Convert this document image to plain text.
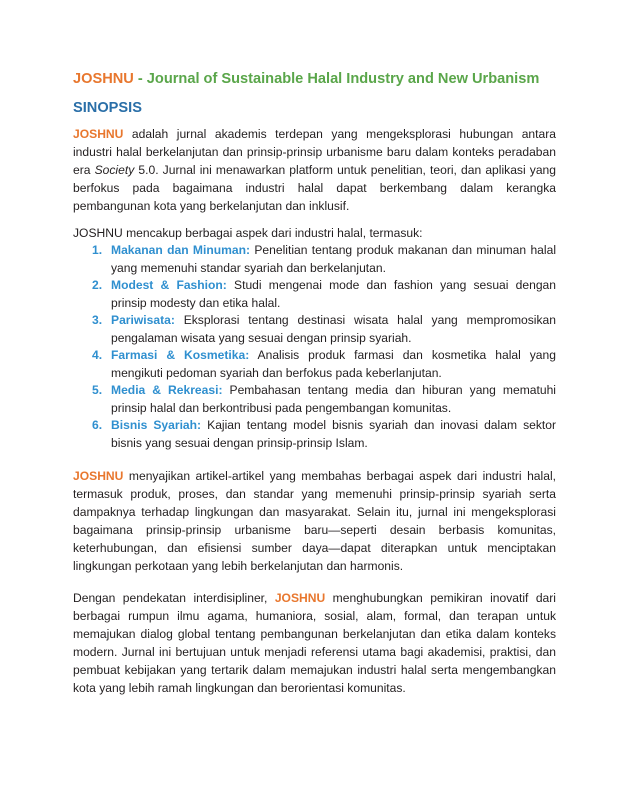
JOSHNU - Journal of Sustainable Halal Industry and New Urbanism
SINOPSIS

JOSHNU adalah jurnal akademis terdepan yang mengeksplorasi hubungan antara industri halal berkelanjutan dan prinsip-prinsip urbanisme baru dalam konteks peradaban era Society 5.0. Jurnal ini menawarkan platform untuk penelitian, teori, dan aplikasi yang berfokus pada bagaimana industri halal dapat berkembang dalam kerangka pembangunan kota yang berkelanjutan dan inklusif.

JOSHNU mencakup berbagai aspek dari industri halal, termasuk:

1. Makanan dan Minuman: Penelitian tentang produk makanan dan minuman halal yang memenuhi standar syariah dan berkelanjutan.
2. Modest & Fashion: Studi mengenai mode dan fashion yang sesuai dengan prinsip modesty dan etika halal.
3. Pariwisata: Eksplorasi tentang destinasi wisata halal yang mempromosikan pengalaman wisata yang sesuai dengan prinsip syariah.
4. Farmasi & Kosmetika: Analisis produk farmasi dan kosmetika halal yang mengikuti pedoman syariah dan berfokus pada keberlanjutan.
5. Media & Rekreasi: Pembahasan tentang media dan hiburan yang mematuhi prinsip halal dan berkontribusi pada pengembangan komunitas.
6. Bisnis Syariah: Kajian tentang model bisnis syariah dan inovasi dalam sektor bisnis yang sesuai dengan prinsip-prinsip Islam.

JOSHNU menyajikan artikel-artikel yang membahas berbagai aspek dari industri halal, termasuk produk, proses, dan standar yang memenuhi prinsip-prinsip syariah serta dampaknya terhadap lingkungan dan masyarakat. Selain itu, jurnal ini mengeksplorasi bagaimana prinsip-prinsip urbanisme baru—seperti desain berbasis komunitas, keterhubungan, dan efisiensi sumber daya—dapat diterapkan untuk menciptakan lingkungan perkotaan yang lebih berkelanjutan dan harmonis.

Dengan pendekatan interdisipliner, JOSHNU menghubungkan pemikiran inovatif dari berbagai rumpun ilmu agama, humaniora, sosial, alam, formal, dan terapan untuk memajukan dialog global tentang pembangunan berkelanjutan dan etika dalam konteks modern. Jurnal ini bertujuan untuk menjadi referensi utama bagi akademisi, praktisi, dan pembuat kebijakan yang tertarik dalam memajukan industri halal serta mengembangkan kota yang lebih ramah lingkungan dan berorientasi komunitas.
